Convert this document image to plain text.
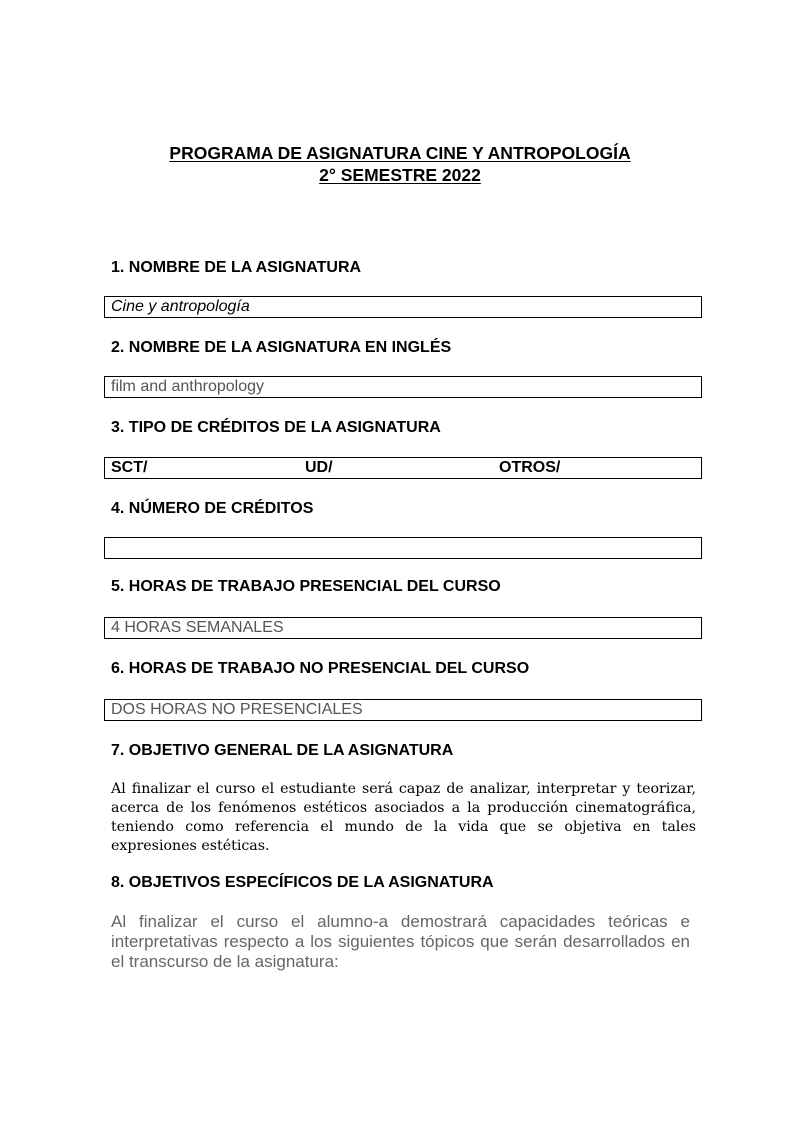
PROGRAMA DE ASIGNATURA CINE Y ANTROPOLOGÍA
2° SEMESTRE 2022
1. NOMBRE DE LA ASIGNATURA
Cine y antropología
2. NOMBRE DE LA ASIGNATURA EN INGLÉS
film and anthropology
3. TIPO DE CRÉDITOS DE LA ASIGNATURA
SCT/	UD/	OTROS/
4. NÚMERO DE CRÉDITOS
5. HORAS DE TRABAJO PRESENCIAL DEL CURSO
4 HORAS SEMANALES
6. HORAS DE TRABAJO NO PRESENCIAL DEL CURSO
DOS HORAS NO PRESENCIALES
7. OBJETIVO GENERAL DE LA ASIGNATURA

Al finalizar el curso el estudiante será capaz de analizar, interpretar y teorizar, acerca de los fenómenos estéticos asociados a la producción cinematográfica, teniendo como referencia el mundo de la vida que se objetiva en tales expresiones estéticas.

8. OBJETIVOS ESPECÍFICOS DE LA ASIGNATURA

Al finalizar el curso el alumno-a demostrará capacidades teóricas e interpretativas respecto a los siguientes tópicos que serán desarrollados en el transcurso de la asignatura:
